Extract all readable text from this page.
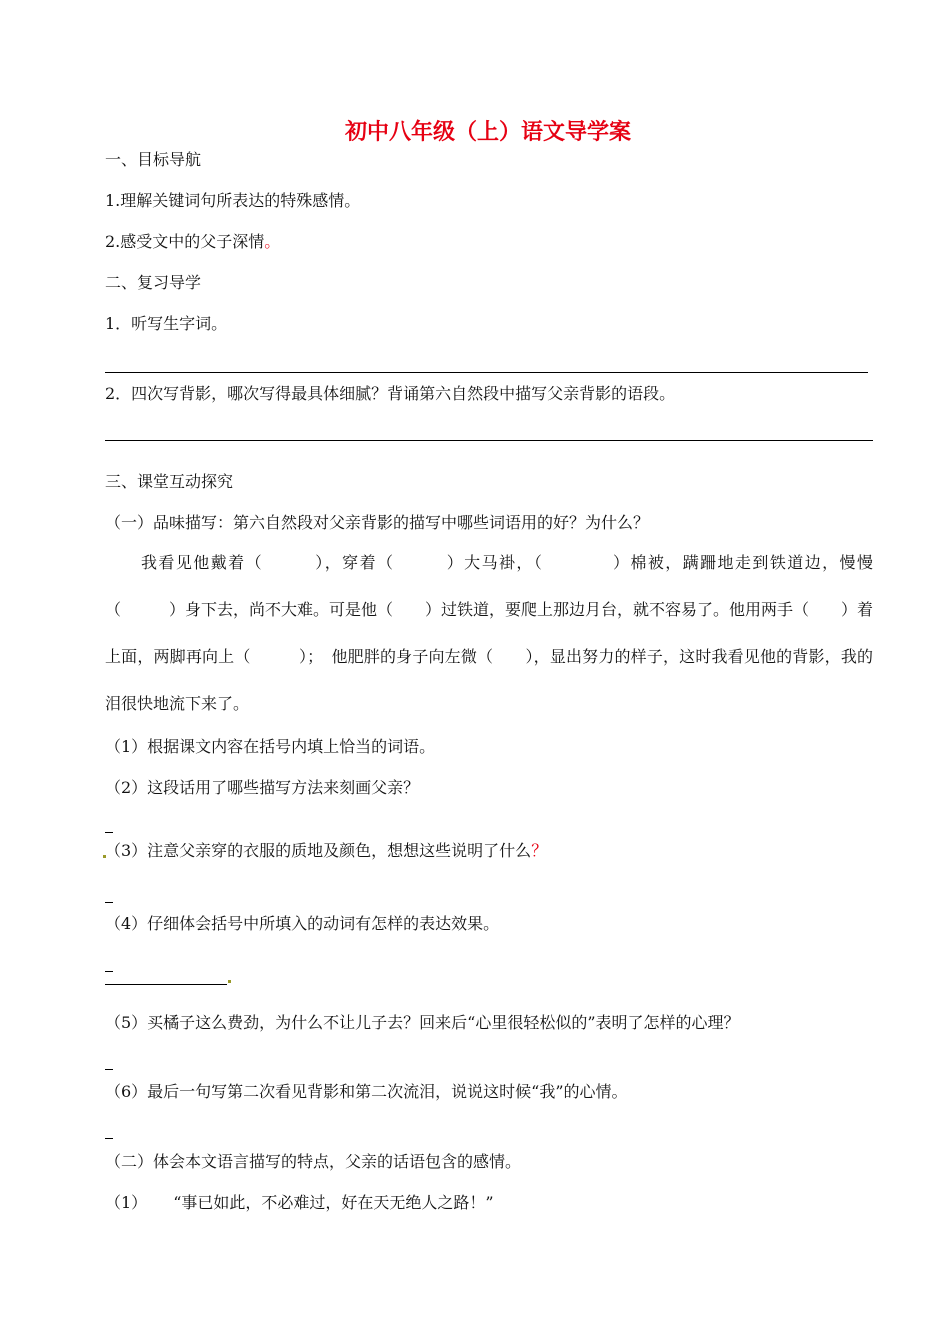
初中八年级（上）语文导学案
一、目标导航
1.理解关键词句所表达的特殊感情。
2.感受文中的父子深情。
二、复习导学
1．听写生字词。
2．四次写背影，哪次写得最具体细腻？背诵第六自然段中描写父亲背影的语段。
三、课堂互动探究
（一）品味描写：第六自然段对父亲背影的描写中哪些词语用的好？为什么？
我看见他戴着（　　　），穿着（　　　）大马褂，（　　　　）棉被，蹒跚地走到铁道边，慢慢（　　　）身下去，尚不大难。可是他（　　）过铁道，要爬上那边月台，就不容易了。他用两手（　　）着上面，两脚再向上（　　　）；　他肥胖的身子向左微（　　），显出努力的样子，这时我看见他的背影，我的泪很快地流下来了。
（1）根据课文内容在括号内填上恰当的词语。
（2）这段话用了哪些描写方法来刻画父亲？
（3）注意父亲穿的衣服的质地及颜色，想想这些说明了什么？
（4）仔细体会括号中所填入的动词有怎样的表达效果。
（5）买橘子这么费劲，为什么不让儿子去？回来后“心里很轻松似的”表明了怎样的心理？
（6）最后一句写第二次看见背影和第二次流泪，说说这时候“我”的心情。
（二）体会本文语言描写的特点，父亲的话语包含的感情。
（1） “事已如此，不必难过，好在天无绝人之路！”
